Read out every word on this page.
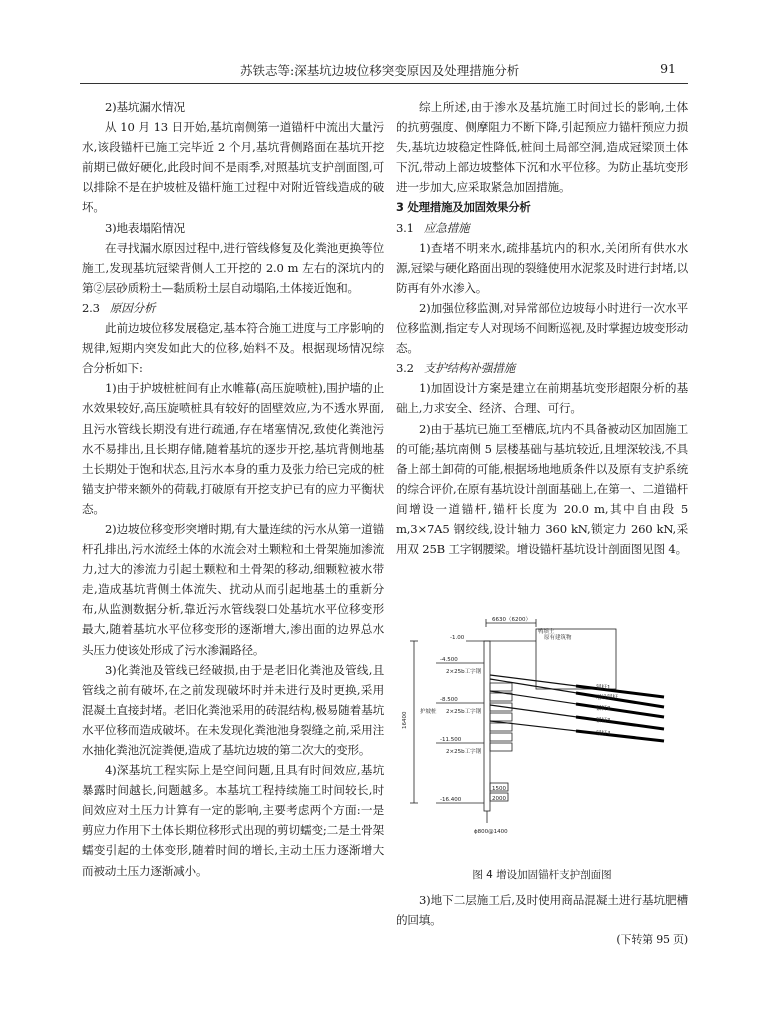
苏铁志等:深基坑边坡位移突变原因及处理措施分析	91

2)基坑漏水情况

从 10 月 13 日开始,基坑南侧第一道锚杆中流出大量污水,该段锚杆已施工完毕近 2 个月,基坑背侧路面在基坑开挖前期已做好硬化,此段时间不是雨季,对照基坑支护剖面图,可以排除不是在护坡桩及锚杆施工过程中对附近管线造成的破坏。

3)地表塌陷情况

在寻找漏水原因过程中,进行管线修复及化粪池更换等位施工,发现基坑冠梁背侧人工开挖的 2.0 m 左右的深坑内的第②层砂质粉土—黏质粉土层自动塌陷,土体接近饱和。

2.3 原因分析

此前边坡位移发展稳定,基本符合施工进度与工序影响的规律,短期内突发如此大的位移,始料不及。根据现场情况综合分析如下:

1)由于护坡桩桩间有止水帷幕(高压旋喷桩),围护墙的止水效果较好,高压旋喷桩具有较好的固壁效应,为不透水界面,且污水管线长期没有进行疏通,存在堵塞情况,致使化粪池污水不易排出,且长期存储,随着基坑的逐步开挖,基坑背侧地基土长期处于饱和状态,且污水本身的重力及张力给已完成的桩锚支护带来额外的荷载,打破原有开挖支护已有的应力平衡状态。

2)边坡位移变形突增时期,有大量连续的污水从第一道锚杆孔排出,污水流经土体的水流会对土颗粒和土骨架施加渗流力,过大的渗流力引起土颗粒和土骨架的移动,细颗粒被水带走,造成基坑背侧土体流失、扰动从而引起地基土的重新分布,从监测数据分析,靠近污水管线裂口处基坑水平位移变形最大,随着基坑水平位移变形的逐渐增大,渗出面的边界总水头压力使该处形成了污水渗漏路径。

3)化粪池及管线已经破损,由于是老旧化粪池及管线,且管线之前有破坏,在之前发现破坏时并未进行及时更换,采用混凝土直接封堵。老旧化粪池采用的砖混结构,极易随着基坑水平位移而造成破坏。在未发现化粪池池身裂缝之前,采用注水抽化粪池沉淀粪便,造成了基坑边坡的第二次大的变形。

4)深基坑工程实际上是空间问题,且具有时间效应,基坑暴露时间越长,问题越多。本基坑工程持续施工时间较长,时间效应对土压力计算有一定的影响,主要考虑两个方面:一是剪应力作用下土体长期位移形式出现的剪切蠕变;二是土骨架蠕变引起的土体变形,随着时间的增长,主动土压力逐渐增大而被动土压力逐渐减小。

综上所述,由于渗水及基坑施工时间过长的影响,土体的抗剪强度、侧摩阻力不断下降,引起预应力锚杆预应力损失,基坑边坡稳定性降低,桩间土局部空洞,造成冠梁顶土体下沉,带动上部边坡整体下沉和水平位移。为防止基坑变形进一步加大,应采取紧急加固措施。

3 处理措施及加固效果分析

3.1 应急措施

1)查堵不明来水,疏排基坑内的积水,关闭所有供水水源,冠梁与硬化路面出现的裂缝使用水泥浆及时进行封堵,以防再有外水渗入。

2)加强位移监测,对异常部位边坡每小时进行一次水平位移监测,指定专人对现场不间断巡视,及时掌握边坡变形动态。

3.2 支护结构补强措施

1)加固设计方案是建立在前期基坑变形超限分析的基础上,力求安全、经济、合理、可行。

2)由于基坑已施工至槽底,坑内不具备被动区加固施工的可能;基坑南侧 5 层楼基础与基坑较近,且埋深较浅,不具备上部土卸荷的可能,根据场地地质条件以及原有支护系统的综合评价,在原有基坑设计剖面基础上,在第一、二道锚杆间增设一道锚杆,锚杆长度为 20.0 m,其中自由段 5 m,3×7A5 钢绞线,设计轴力 360 kN,锁定力 260 kN,采用双 25B 工字钢腰梁。增设锚杆基坑设计剖面图见图 4。

6630（6200）
原有建筑物
鸭填土
-1.00
-4.500
-8.500
-11.500
-16.400
2×25b工字钢
2×25b工字钢
2×25b工字钢
锚杆1
增设锚杆
锚杆2
锚杆3
锚杆4
护坡桩
16400
ϕ800@1400
1500
2000
图 4 增设加固锚杆支护剖面图

3)地下二层施工后,及时使用商品混凝土进行基坑肥槽的回填。

(下转第 95 页)
